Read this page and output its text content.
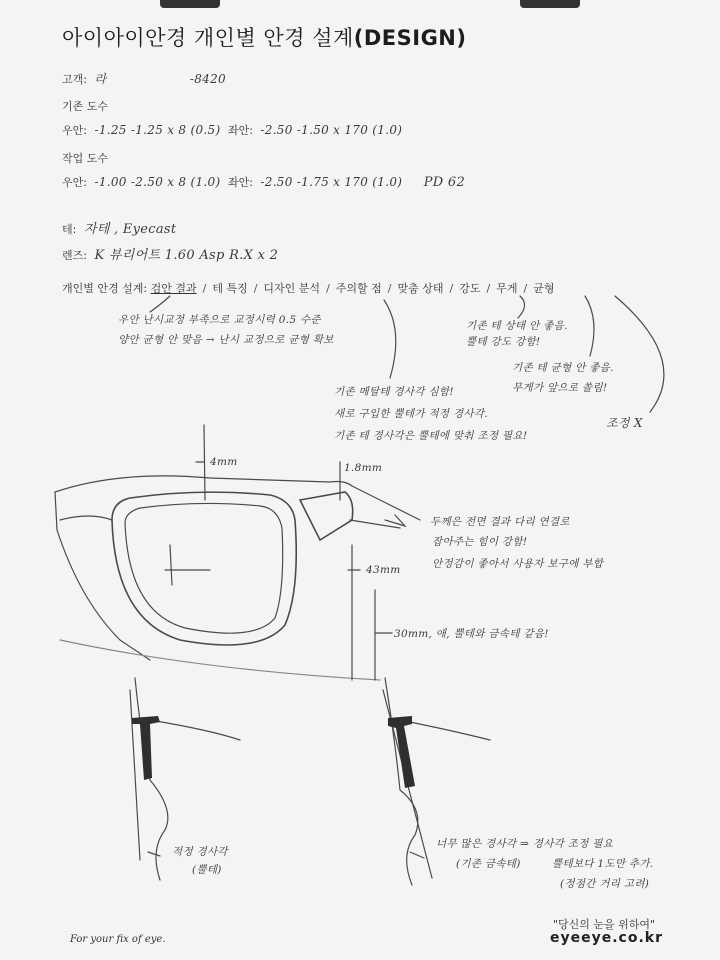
아이아이안경 개인별 안경 설계(DESIGN)
고객: 라	-8420
기존 도수
우안: -1.25 -1.25 x 8 (0.5) 좌안: -2.50 -1.50 x 170 (1.0)
작업 도수
우안: -1.00 -2.50 x 8 (1.0) 좌안: -2.50 -1.75 x 170 (1.0) PD 62
테: 자테 , Eyecast
렌즈: K 뷰리어트 1.60 Asp R.X x 2
개인별 안경 설계: 검안 결과 / 테 특징 / 디자인 분석 / 주의할 점 / 맞춤 상태 / 강도 / 무게 / 균형
우안 난시교정 부족으로 교정시력 0.5 수준
양안 균형 안 맞음 → 난시 교정으로 균형 확보
기존 테 상태 안 좋음.
뿔테 강도 강함!
기존 테 균형 안 좋음.
무게가 앞으로 쏠림!
조정 X
기존 메탈테 경사각 심함!
새로 구입한 뿔테가 적정 경사각.
기존 테 경사각은 뿔테에 맞춰 조정 필요!
4mm	1.8mm
두께은 전면 결과 다리 연결로
잡아주는 힘이 강함!
안정감이 좋아서 사용자 보구에 부합
43mm
30mm, 애, 뿔테와 금속테 같음!
적정 경사각
(뿔테)
너무 많은 경사각 ⇒ 경사각 조정 필요
(기존 금속테)	뿔테보다 1도만 추가.
(정점간 거리 고려)
For your fix of eye.
"당신의 눈을 위하여"
eyeeye.co.kr
